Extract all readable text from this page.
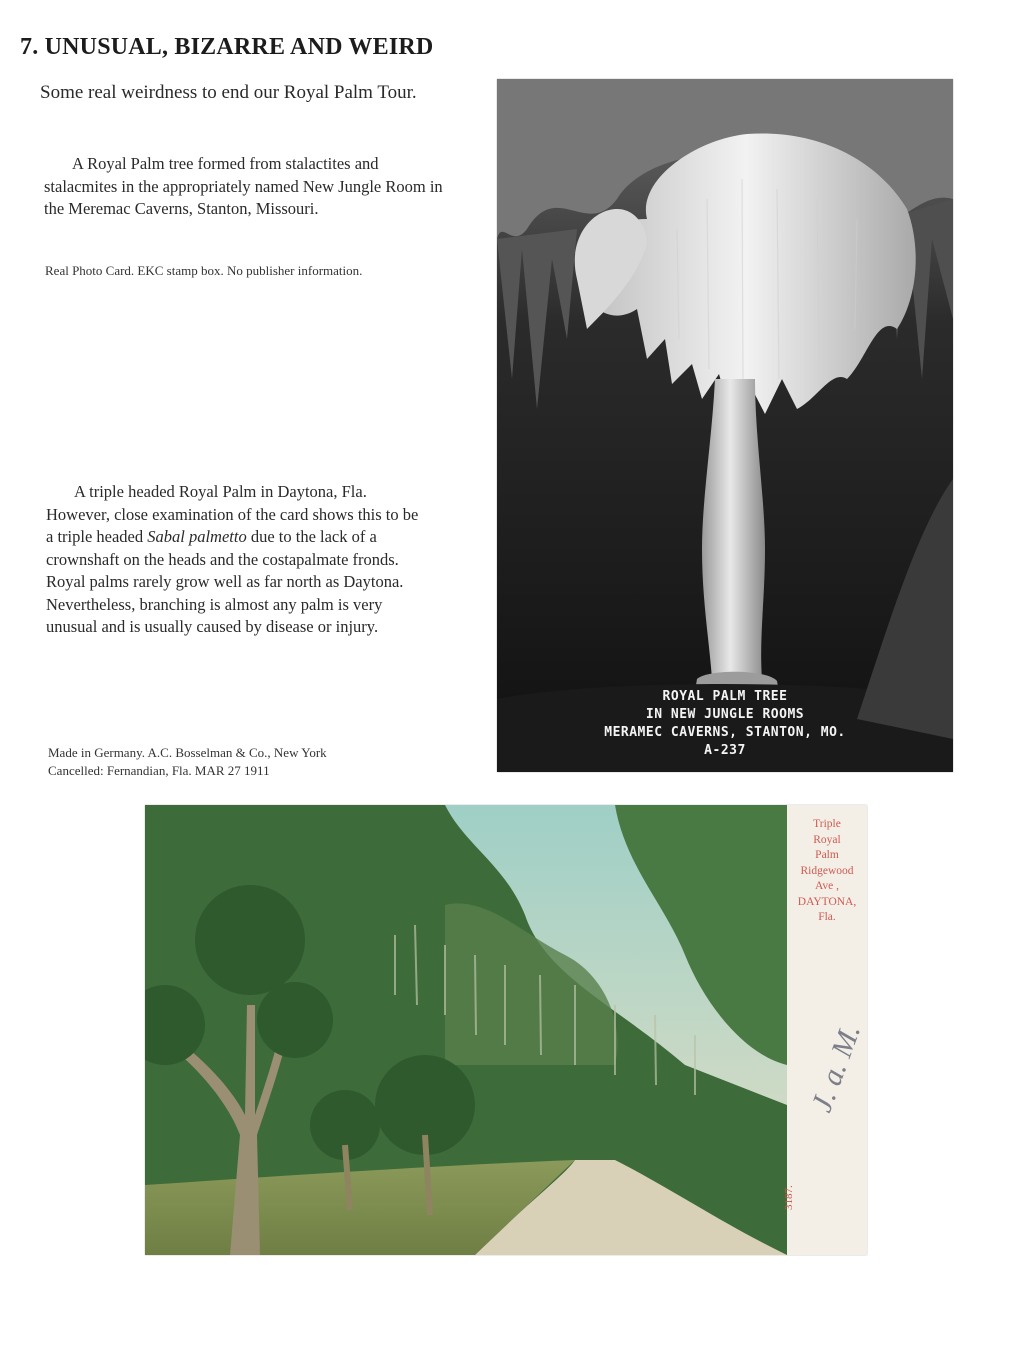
7. UNUSUAL, BIZARRE AND WEIRD
Some real weirdness to end our Royal Palm Tour.

A Royal Palm tree formed from stalactites and stalacmites in the appropriately named New Jungle Room in the Meremac Caverns, Stanton, Missouri.

Real Photo Card. EKC stamp box. No publisher information.

A triple headed Royal Palm in Daytona, Fla. However, close examination of the card shows this to be a triple headed Sabal palmetto due to the lack of a crownshaft on the heads and the costapalmate fronds. Royal palms rarely grow well as far north as Daytona. Nevertheless, branching is almost any palm is very unusual and is usually caused by disease or injury.

Made in Germany. A.C. Bosselman & Co., New York
Cancelled: Fernandian, Fla. MAR 27 1911
ROYAL PALM TREE
IN NEW JUNGLE ROOMS
MERAMEC CAVERNS, STANTON, MO.
A-237
Triple
Royal
Palm
Ridgewood
Ave ,
DAYTONA,
Fla.
3187.
J. a. M.
